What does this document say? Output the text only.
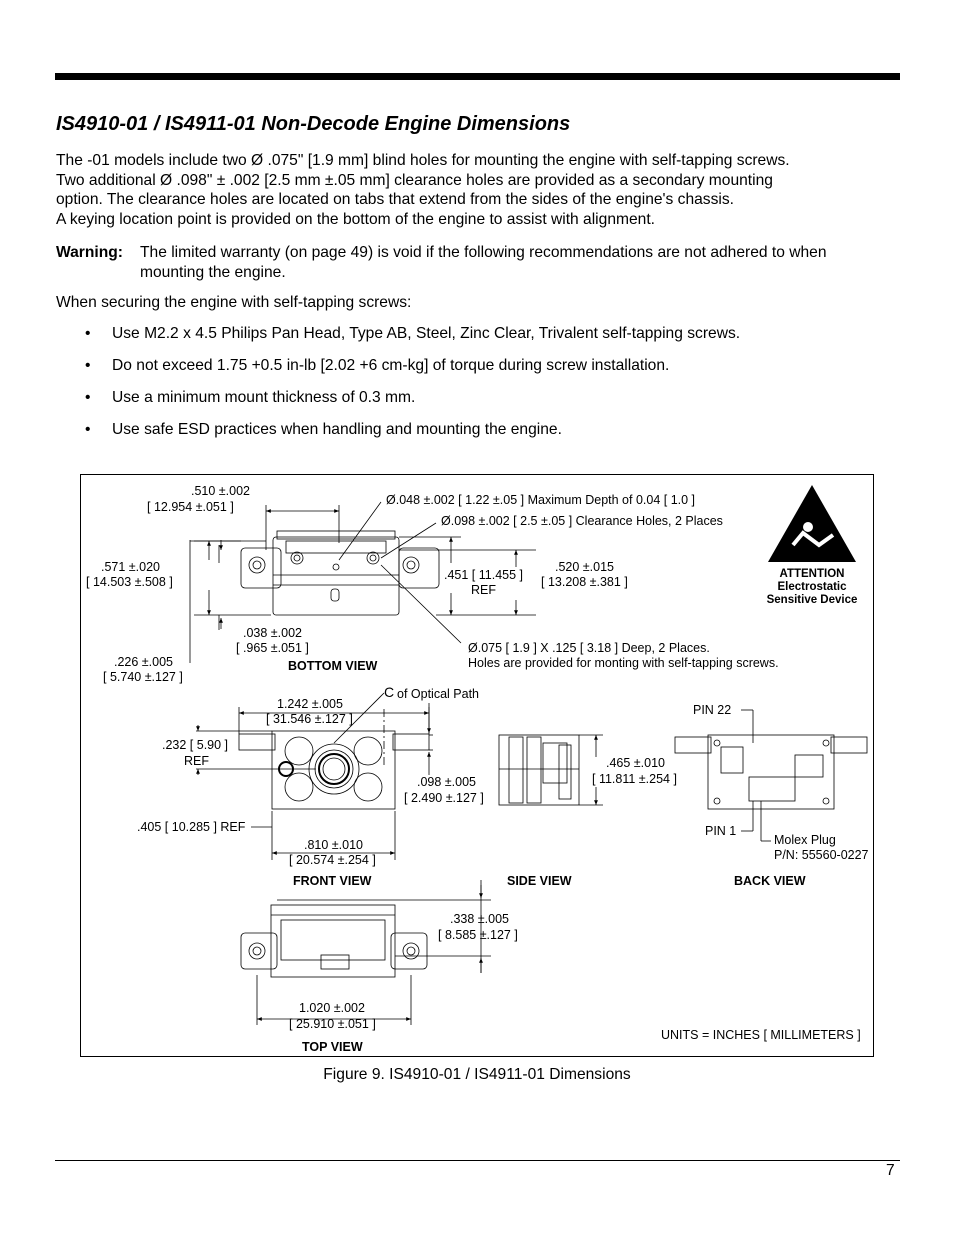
IS4910-01 / IS4911-01 Non-Decode Engine Dimensions
The -01 models include two Ø .075" [1.9 mm] blind holes for mounting the engine with self-tapping screws.
Two additional Ø .098" ± .002 [2.5 mm ±.05 mm] clearance holes are provided as a secondary mounting
option. The clearance holes are located on tabs that extend from the sides of the engine's chassis.
A keying location point is provided on the bottom of the engine to assist with alignment.
Warning: The limited warranty (on page 49) is void if the following recommendations are not adhered to when
mounting the engine.
When securing the engine with self-tapping screws:
• Use M2.2 x 4.5 Philips Pan Head, Type AB, Steel, Zinc Clear, Trivalent self-tapping screws.
• Do not exceed 1.75 +0.5 in-lb [2.02 +6 cm-kg] of torque during screw installation.
• Use a minimum mount thickness of 0.3 mm.
• Use safe ESD practices when handling and mounting the engine.
.510 ±.002
[ 12.954 ±.051 ]	Ø.048 ±.002 [ 1.22 ±.05 ] Maximum Depth of 0.04 [ 1.0 ]
Ø.098 ±.002 [ 2.5 ±.05 ] Clearance Holes, 2 Places
.571 ±.020
[ 14.503 ±.508 ]	.451 [ 11.455 ]
REF
.520 ±.015
[ 13.208 ±.381 ]
.038 ±.002
[ .965 ±.051 ]
.226 ±.005
[ 5.740 ±.127 ]
Ø.075 [ 1.9 ] X .125 [ 3.18 ] Deep, 2 Places.
Holes are provided for monting with self-tapping screws.
BOTTOM VIEW
ATTENTION
Electrostatic
Sensitive Device
C of Optical Path
1.242 ±.005
[ 31.546 ±.127 ]
.232 [ 5.90 ]
REF
.098 ±.005
[ 2.490 ±.127 ]
.405 [ 10.285 ] REF
.810 ±.010
[ 20.574 ±.254 ]
FRONT VIEW
.465 ±.010
[ 11.811 ±.254 ]
SIDE VIEW
PIN 22
PIN 1
Molex Plug
P/N: 55560-0227
BACK VIEW
.338 ±.005
[ 8.585 ±.127 ]
1.020 ±.002
[ 25.910 ±.051 ]
TOP VIEW
UNITS = INCHES [ MILLIMETERS ]
Figure 9. IS4910-01 / IS4911-01 Dimensions
7
